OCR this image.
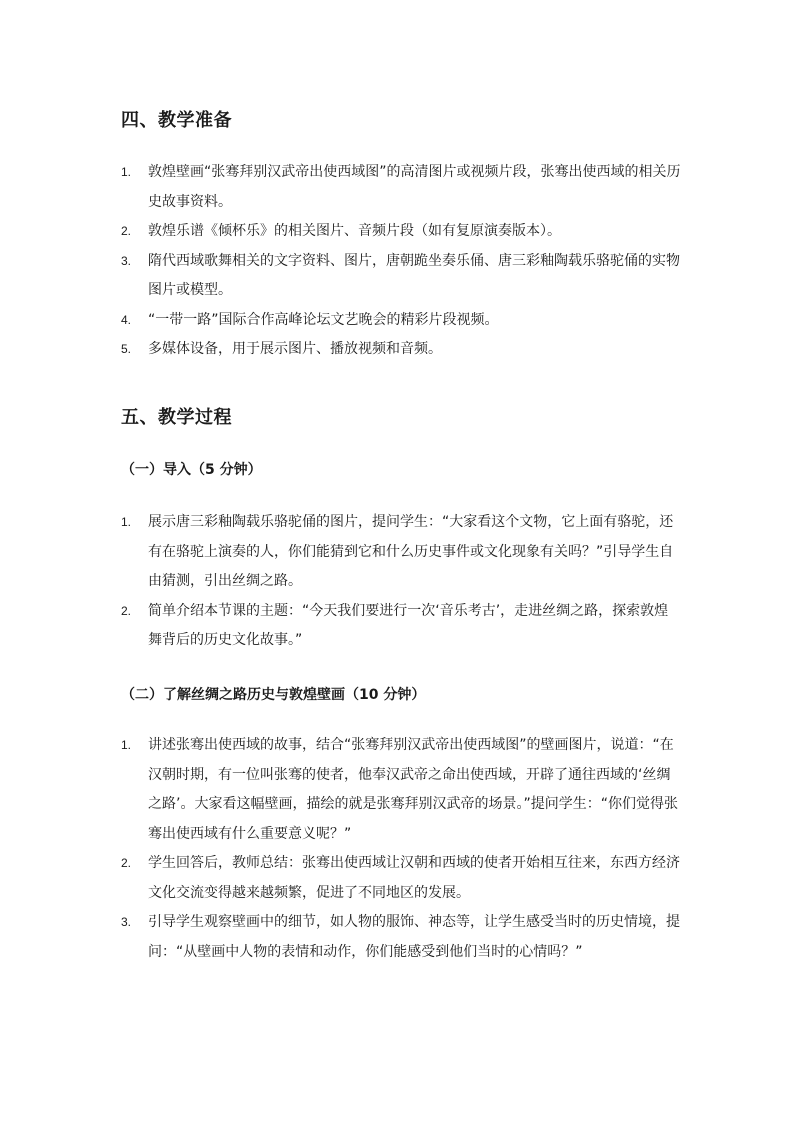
四、教学准备
1. 敦煌壁画“张骞拜别汉武帝出使西域图”的高清图片或视频片段，张骞出使西域的相关历史故事资料。
2. 敦煌乐谱《倾杯乐》的相关图片、音频片段（如有复原演奏版本）。
3. 隋代西域歌舞相关的文字资料、图片，唐朝跪坐奏乐俑、唐三彩釉陶载乐骆驼俑的实物图片或模型。
4. “一带一路”国际合作高峰论坛文艺晚会的精彩片段视频。
5. 多媒体设备，用于展示图片、播放视频和音频。
五、教学过程
（一）导入（5 分钟）
1. 展示唐三彩釉陶载乐骆驼俑的图片，提问学生：“大家看这个文物，它上面有骆驼，还有在骆驼上演奏的人，你们能猜到它和什么历史事件或文化现象有关吗？”引导学生自由猜测，引出丝绸之路。
2. 简单介绍本节课的主题：“今天我们要进行一次‘音乐考古’，走进丝绸之路，探索敦煌舞背后的历史文化故事。”
（二）了解丝绸之路历史与敦煌壁画（10 分钟）
1. 讲述张骞出使西域的故事，结合“张骞拜别汉武帝出使西域图”的壁画图片，说道：“在汉朝时期，有一位叫张骞的使者，他奉汉武帝之命出使西域，开辟了通往西域的‘丝绸之路’。大家看这幅壁画，描绘的就是张骞拜别汉武帝的场景。”提问学生：“你们觉得张骞出使西域有什么重要意义呢？”
2. 学生回答后，教师总结：张骞出使西域让汉朝和西域的使者开始相互往来，东西方经济文化交流变得越来越频繁，促进了不同地区的发展。
3. 引导学生观察壁画中的细节，如人物的服饰、神态等，让学生感受当时的历史情境，提问：“从壁画中人物的表情和动作，你们能感受到他们当时的心情吗？”
